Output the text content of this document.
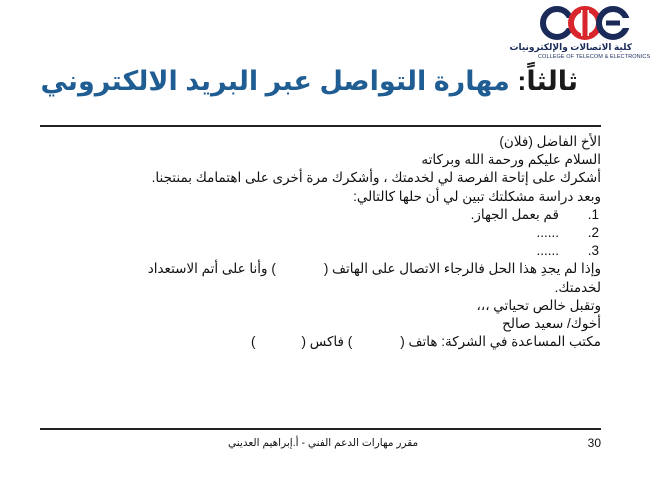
كلية الاتصالات والإلكترونيات
COLLEGE OF TELECOM & ELECTRONICS
ثالثاً: مهارة التواصل عبر البريد الالكتروني
الأخ الفاضل (فلان)
السلام عليكم ورحمة الله وبركاته
أشكرك على إتاحة الفرصة لي لخدمتك ، وأشكرك مرة أخرى على اهتمامك بمنتجنا.
وبعد دراسة مشكلتك تبين لي أن حلها كالتالي:
1.قم بعمل الجهاز.
2.......
3.......
وإذا لم يجدِ هذا الحل فالرجاء الاتصال على الهاتف () وأنا على أتم الاستعداد
لخدمتك.
وتقبل خالص تحياتي ،،،
أخوك/ سعيد صالح
مكتب المساعدة في الشركة: هاتف () فاكس ()
30
مقرر مهارات الدعم الفني - أ.إبراهيم العديني
